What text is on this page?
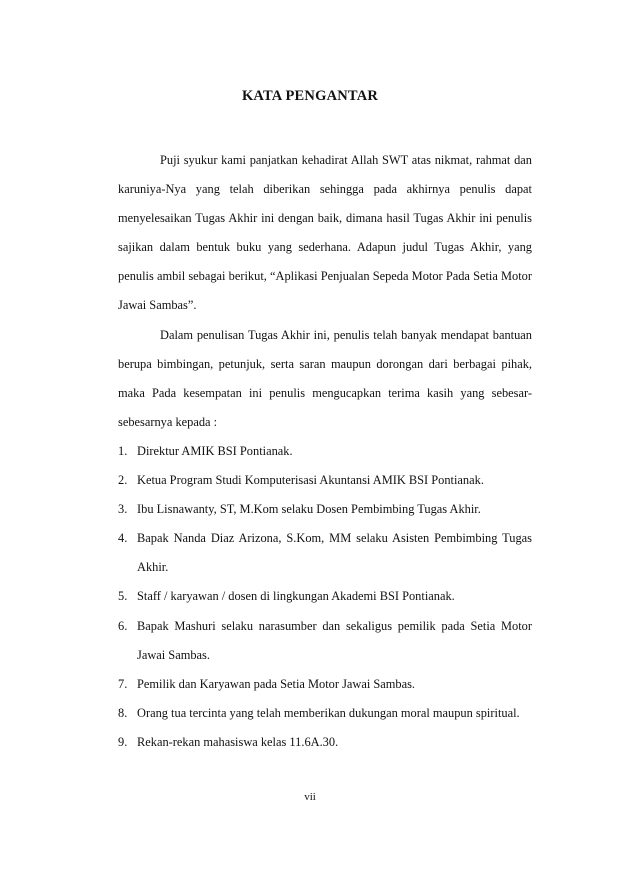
KATA PENGANTAR

Puji syukur kami panjatkan kehadirat Allah SWT atas nikmat, rahmat dan karuniya-Nya yang telah diberikan sehingga pada akhirnya penulis dapat menyelesaikan Tugas Akhir ini dengan baik, dimana hasil Tugas Akhir ini penulis sajikan dalam bentuk buku yang sederhana. Adapun judul Tugas Akhir, yang penulis ambil sebagai berikut, “Aplikasi Penjualan Sepeda Motor Pada Setia Motor Jawai Sambas”.

Dalam penulisan Tugas Akhir ini, penulis telah banyak mendapat bantuan berupa bimbingan, petunjuk, serta saran maupun dorongan dari berbagai pihak, maka Pada kesempatan ini penulis mengucapkan terima kasih yang sebesar-sebesarnya kepada :

1. Direktur AMIK BSI Pontianak.
2. Ketua Program Studi Komputerisasi Akuntansi AMIK BSI Pontianak.
3. Ibu Lisnawanty, ST, M.Kom selaku Dosen Pembimbing Tugas Akhir.
4. Bapak Nanda Diaz Arizona, S.Kom, MM selaku Asisten Pembimbing Tugas Akhir.
5. Staff / karyawan / dosen di lingkungan Akademi BSI Pontianak.
6. Bapak Mashuri selaku narasumber dan sekaligus pemilik pada Setia Motor Jawai Sambas.
7. Pemilik dan Karyawan pada Setia Motor Jawai Sambas.
8. Orang tua tercinta yang telah memberikan dukungan moral maupun spiritual.
9. Rekan-rekan mahasiswa kelas 11.6A.30.
vii
